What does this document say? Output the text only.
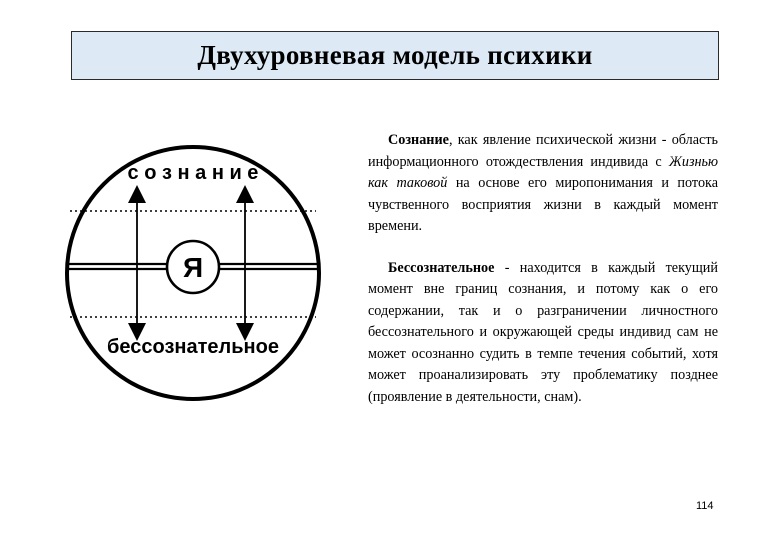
Двухуровневая модель психики
Я
с о з н а н и е
бессознательное

Сознание, как явление психической жизни - область информационного отождествления индивида с Жизнью как таковой на основе его миропонимания и потока чувственного восприятия жизни в каждый момент времени.

Бессознательное - находится в каждый текущий момент вне границ сознания, и потому как о его содержании, так и о разграничении личностного бессознательного и окружающей среды индивид сам не может осознанно судить в темпе течения событий, хотя может проанализировать эту проблематику позднее (проявление в деятельности, снам).

114
